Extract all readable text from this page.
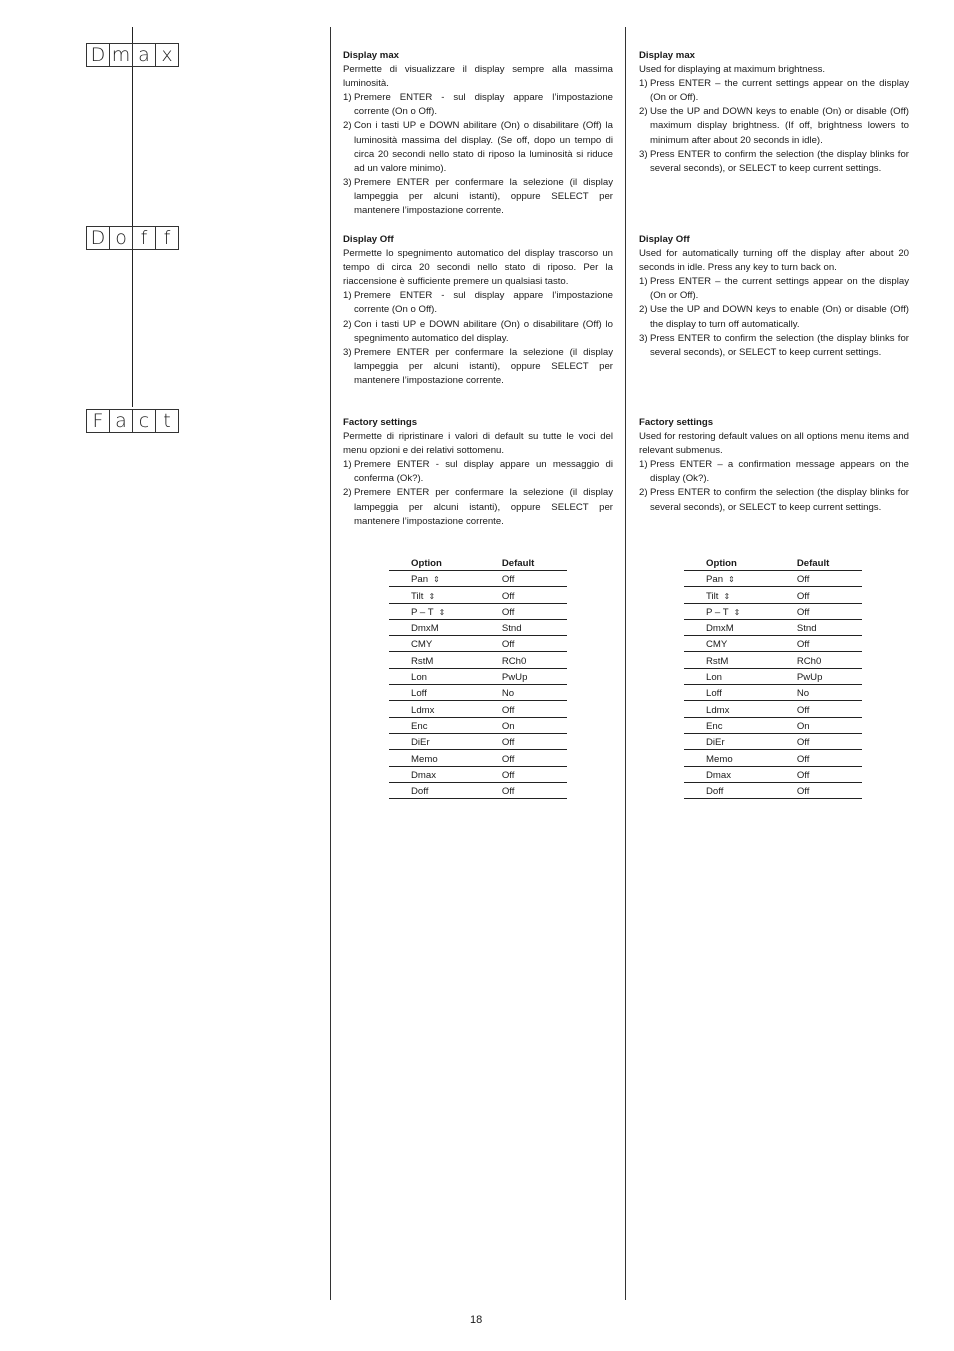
D m a x
D o f f
F a c t
Display max

Permette di visualizzare il display sempre alla massima luminosità.

1) Premere ENTER - sul display appare l’impostazione corrente (On o Off).
2) Con i tasti UP e DOWN abilitare (On) o disabilitare (Off) la luminosità massima del display. (Se off, dopo un tempo di circa 20 secondi nello stato di riposo la luminosità si riduce ad un valore minimo).
3) Premere ENTER per confermare la selezione (il display lampeggia per alcuni istanti), oppure SELECT per mantenere l’impostazione corrente.
Display Off

Permette lo spegnimento automatico del display trascorso un tempo di circa 20 secondi nello stato di riposo. Per la riaccensione è sufficiente premere un qualsiasi tasto.

1) Premere ENTER - sul display appare l’impostazione corrente (On o Off).
2) Con i tasti UP e DOWN abilitare (On) o disabilitare (Off) lo spegnimento automatico del display.
3) Premere ENTER per confermare la selezione (il display lampeggia per alcuni istanti), oppure SELECT per mantenere l’impostazione corrente.
Factory settings

Permette di ripristinare i valori di default su tutte le voci del menu opzioni e dei relativi sottomenu.

1) Premere ENTER - sul display appare un messaggio di conferma (Ok?).
2) Premere ENTER per confermare la selezione (il display lampeggia per alcuni istanti), oppure SELECT per mantenere l’impostazione corrente.
Display max

Used for displaying at maximum brightness.

1) Press ENTER – the current settings appear on the display (On or Off).
2) Use the UP and DOWN keys to enable (On) or disable (Off) maximum display brightness. (If off, brightness lowers to minimum after about 20 seconds in idle).
3) Press ENTER to confirm the selection (the display blinks for several seconds), or SELECT to keep current settings.
Display Off

Used for automatically turning off the display after about 20 seconds in idle. Press any key to turn back on.

1) Press ENTER – the current settings appear on the display (On or Off).
2) Use the UP and DOWN keys to enable (On) or disable (Off) the display to turn off automatically.
3) Press ENTER to confirm the selection (the display blinks for several seconds), or SELECT to keep current settings.
Factory settings

Used for restoring default values on all options menu items and relevant submenus.

1) Press ENTER – a confirmation message appears on the display (Ok?).
2) Press ENTER to confirm the selection (the display blinks for several seconds), or SELECT to keep current settings.
Option	Default
Pan ⇕	Off
Tilt ⇕	Off
P – T ⇕	Off
DmxM	Stnd
CMY	Off
RstM	RCh0
Lon	PwUp
Loff	No
Ldmx	Off
Enc	On
DiEr	Off
Memo	Off
Dmax	Off
Doff	Off
Option	Default
Pan ⇕	Off
Tilt ⇕	Off
P – T ⇕	Off
DmxM	Stnd
CMY	Off
RstM	RCh0
Lon	PwUp
Loff	No
Ldmx	Off
Enc	On
DiEr	Off
Memo	Off
Dmax	Off
Doff	Off
18
